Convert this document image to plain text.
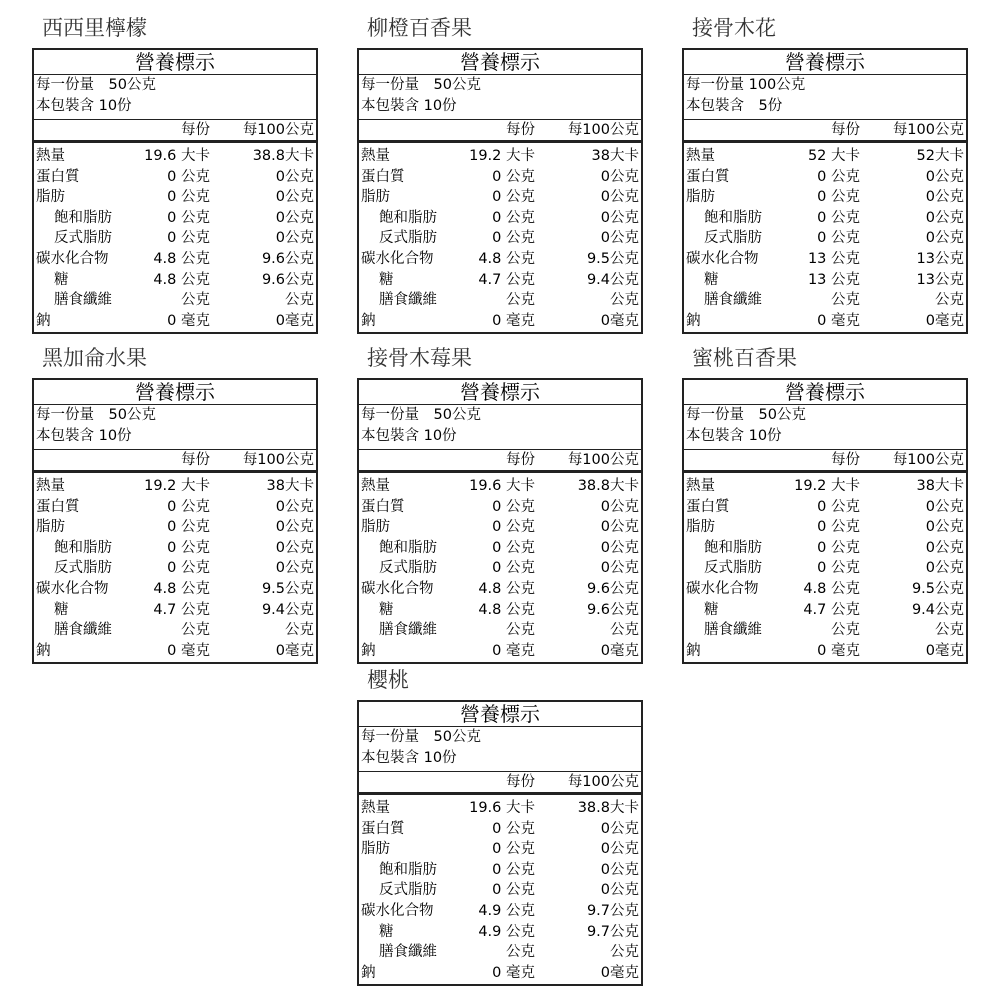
西西里檸檬
營養標示
每一份量　50公克
本包裝含 10份
每份 每100公克
熱量	19.6 大卡	38.8大卡
蛋白質	0 公克	0公克
脂肪	0 公克	0公克
飽和脂肪	0 公克	0公克
反式脂肪	0 公克	0公克
碳水化合物	4.8 公克	9.6公克
糖	4.8 公克	9.6公克
膳食纖維	公克	公克
鈉	0 毫克	0毫克
柳橙百香果
營養標示
每一份量　50公克
本包裝含 10份
每份 每100公克
熱量	19.2 大卡	38大卡
蛋白質	0 公克	0公克
脂肪	0 公克	0公克
飽和脂肪	0 公克	0公克
反式脂肪	0 公克	0公克
碳水化合物	4.8 公克	9.5公克
糖	4.7 公克	9.4公克
膳食纖維	公克	公克
鈉	0 毫克	0毫克
接骨木花
營養標示
每一份量 100公克
本包裝含　5份
每份 每100公克
熱量	52 大卡	52大卡
蛋白質	0 公克	0公克
脂肪	0 公克	0公克
飽和脂肪	0 公克	0公克
反式脂肪	0 公克	0公克
碳水化合物	13 公克	13公克
糖	13 公克	13公克
膳食纖維	公克	公克
鈉	0 毫克	0毫克
黑加侖水果
營養標示
每一份量　50公克
本包裝含 10份
每份 每100公克
熱量	19.2 大卡	38大卡
蛋白質	0 公克	0公克
脂肪	0 公克	0公克
飽和脂肪	0 公克	0公克
反式脂肪	0 公克	0公克
碳水化合物	4.8 公克	9.5公克
糖	4.7 公克	9.4公克
膳食纖維	公克	公克
鈉	0 毫克	0毫克
接骨木莓果
營養標示
每一份量　50公克
本包裝含 10份
每份 每100公克
熱量	19.6 大卡	38.8大卡
蛋白質	0 公克	0公克
脂肪	0 公克	0公克
飽和脂肪	0 公克	0公克
反式脂肪	0 公克	0公克
碳水化合物	4.8 公克	9.6公克
糖	4.8 公克	9.6公克
膳食纖維	公克	公克
鈉	0 毫克	0毫克
蜜桃百香果
營養標示
每一份量　50公克
本包裝含 10份
每份 每100公克
熱量	19.2 大卡	38大卡
蛋白質	0 公克	0公克
脂肪	0 公克	0公克
飽和脂肪	0 公克	0公克
反式脂肪	0 公克	0公克
碳水化合物	4.8 公克	9.5公克
糖	4.7 公克	9.4公克
膳食纖維	公克	公克
鈉	0 毫克	0毫克
櫻桃
營養標示
每一份量　50公克
本包裝含 10份
每份 每100公克
熱量	19.6 大卡	38.8大卡
蛋白質	0 公克	0公克
脂肪	0 公克	0公克
飽和脂肪	0 公克	0公克
反式脂肪	0 公克	0公克
碳水化合物	4.9 公克	9.7公克
糖	4.9 公克	9.7公克
膳食纖維	公克	公克
鈉	0 毫克	0毫克
